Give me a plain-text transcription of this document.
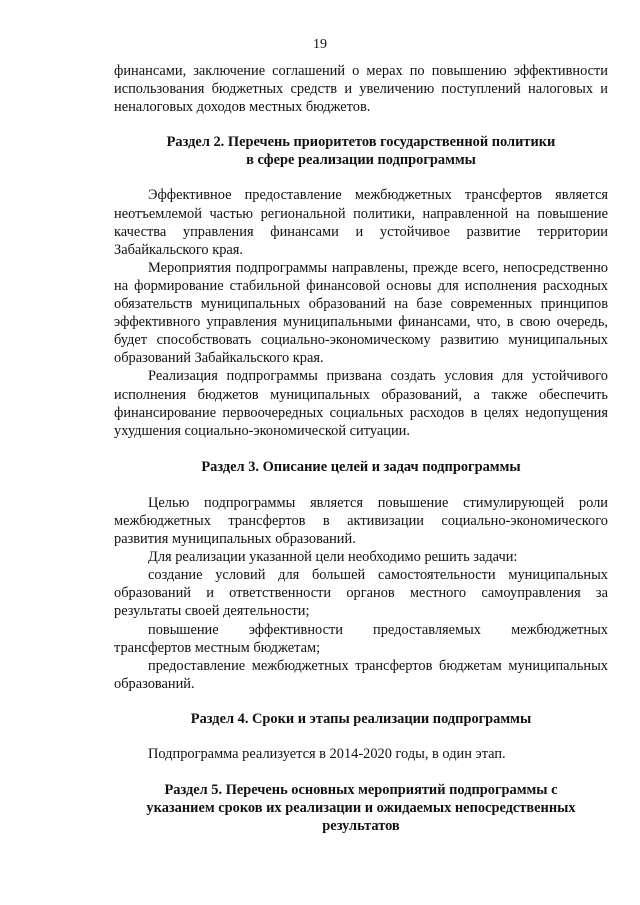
19

финансами, заключение соглашений о мерах по повышению эффективности использования бюджетных средств и увеличению поступлений налоговых и неналоговых доходов местных бюджетов.

Раздел 2. Перечень приоритетов государственной политики
в сфере реализации подпрограммы

Эффективное предоставление межбюджетных трансфертов является неотъемлемой частью региональной политики, направленной на повышение качества управления финансами и устойчивое развитие территории Забайкальского края.

Мероприятия подпрограммы направлены, прежде всего, непосредственно на формирование стабильной финансовой основы для исполнения расходных обязательств муниципальных образований на базе современных принципов эффективного управления муниципальными финансами, что, в свою очередь, будет способствовать социально-экономическому развитию муниципальных образований Забайкальского края.

Реализация подпрограммы призвана создать условия для устойчивого исполнения бюджетов муниципальных образований, а также обеспечить финансирование первоочередных социальных расходов в целях недопущения ухудшения социально-экономической ситуации.

Раздел 3. Описание целей и задач подпрограммы

Целью подпрограммы является повышение стимулирующей роли межбюджетных трансфертов в активизации социально-экономического развития муниципальных образований.

Для реализации указанной цели необходимо решить задачи:

создание условий для большей самостоятельности муниципальных образований и ответственности органов местного самоуправления за результаты своей деятельности;

повышение эффективности предоставляемых межбюджетных трансфертов местным бюджетам;

предоставление межбюджетных трансфертов бюджетам муниципальных образований.

Раздел 4. Сроки и этапы реализации подпрограммы

Подпрограмма реализуется в 2014-2020 годы, в один этап.

Раздел 5. Перечень основных мероприятий подпрограммы с
указанием сроков их реализации и ожидаемых непосредственных
результатов
